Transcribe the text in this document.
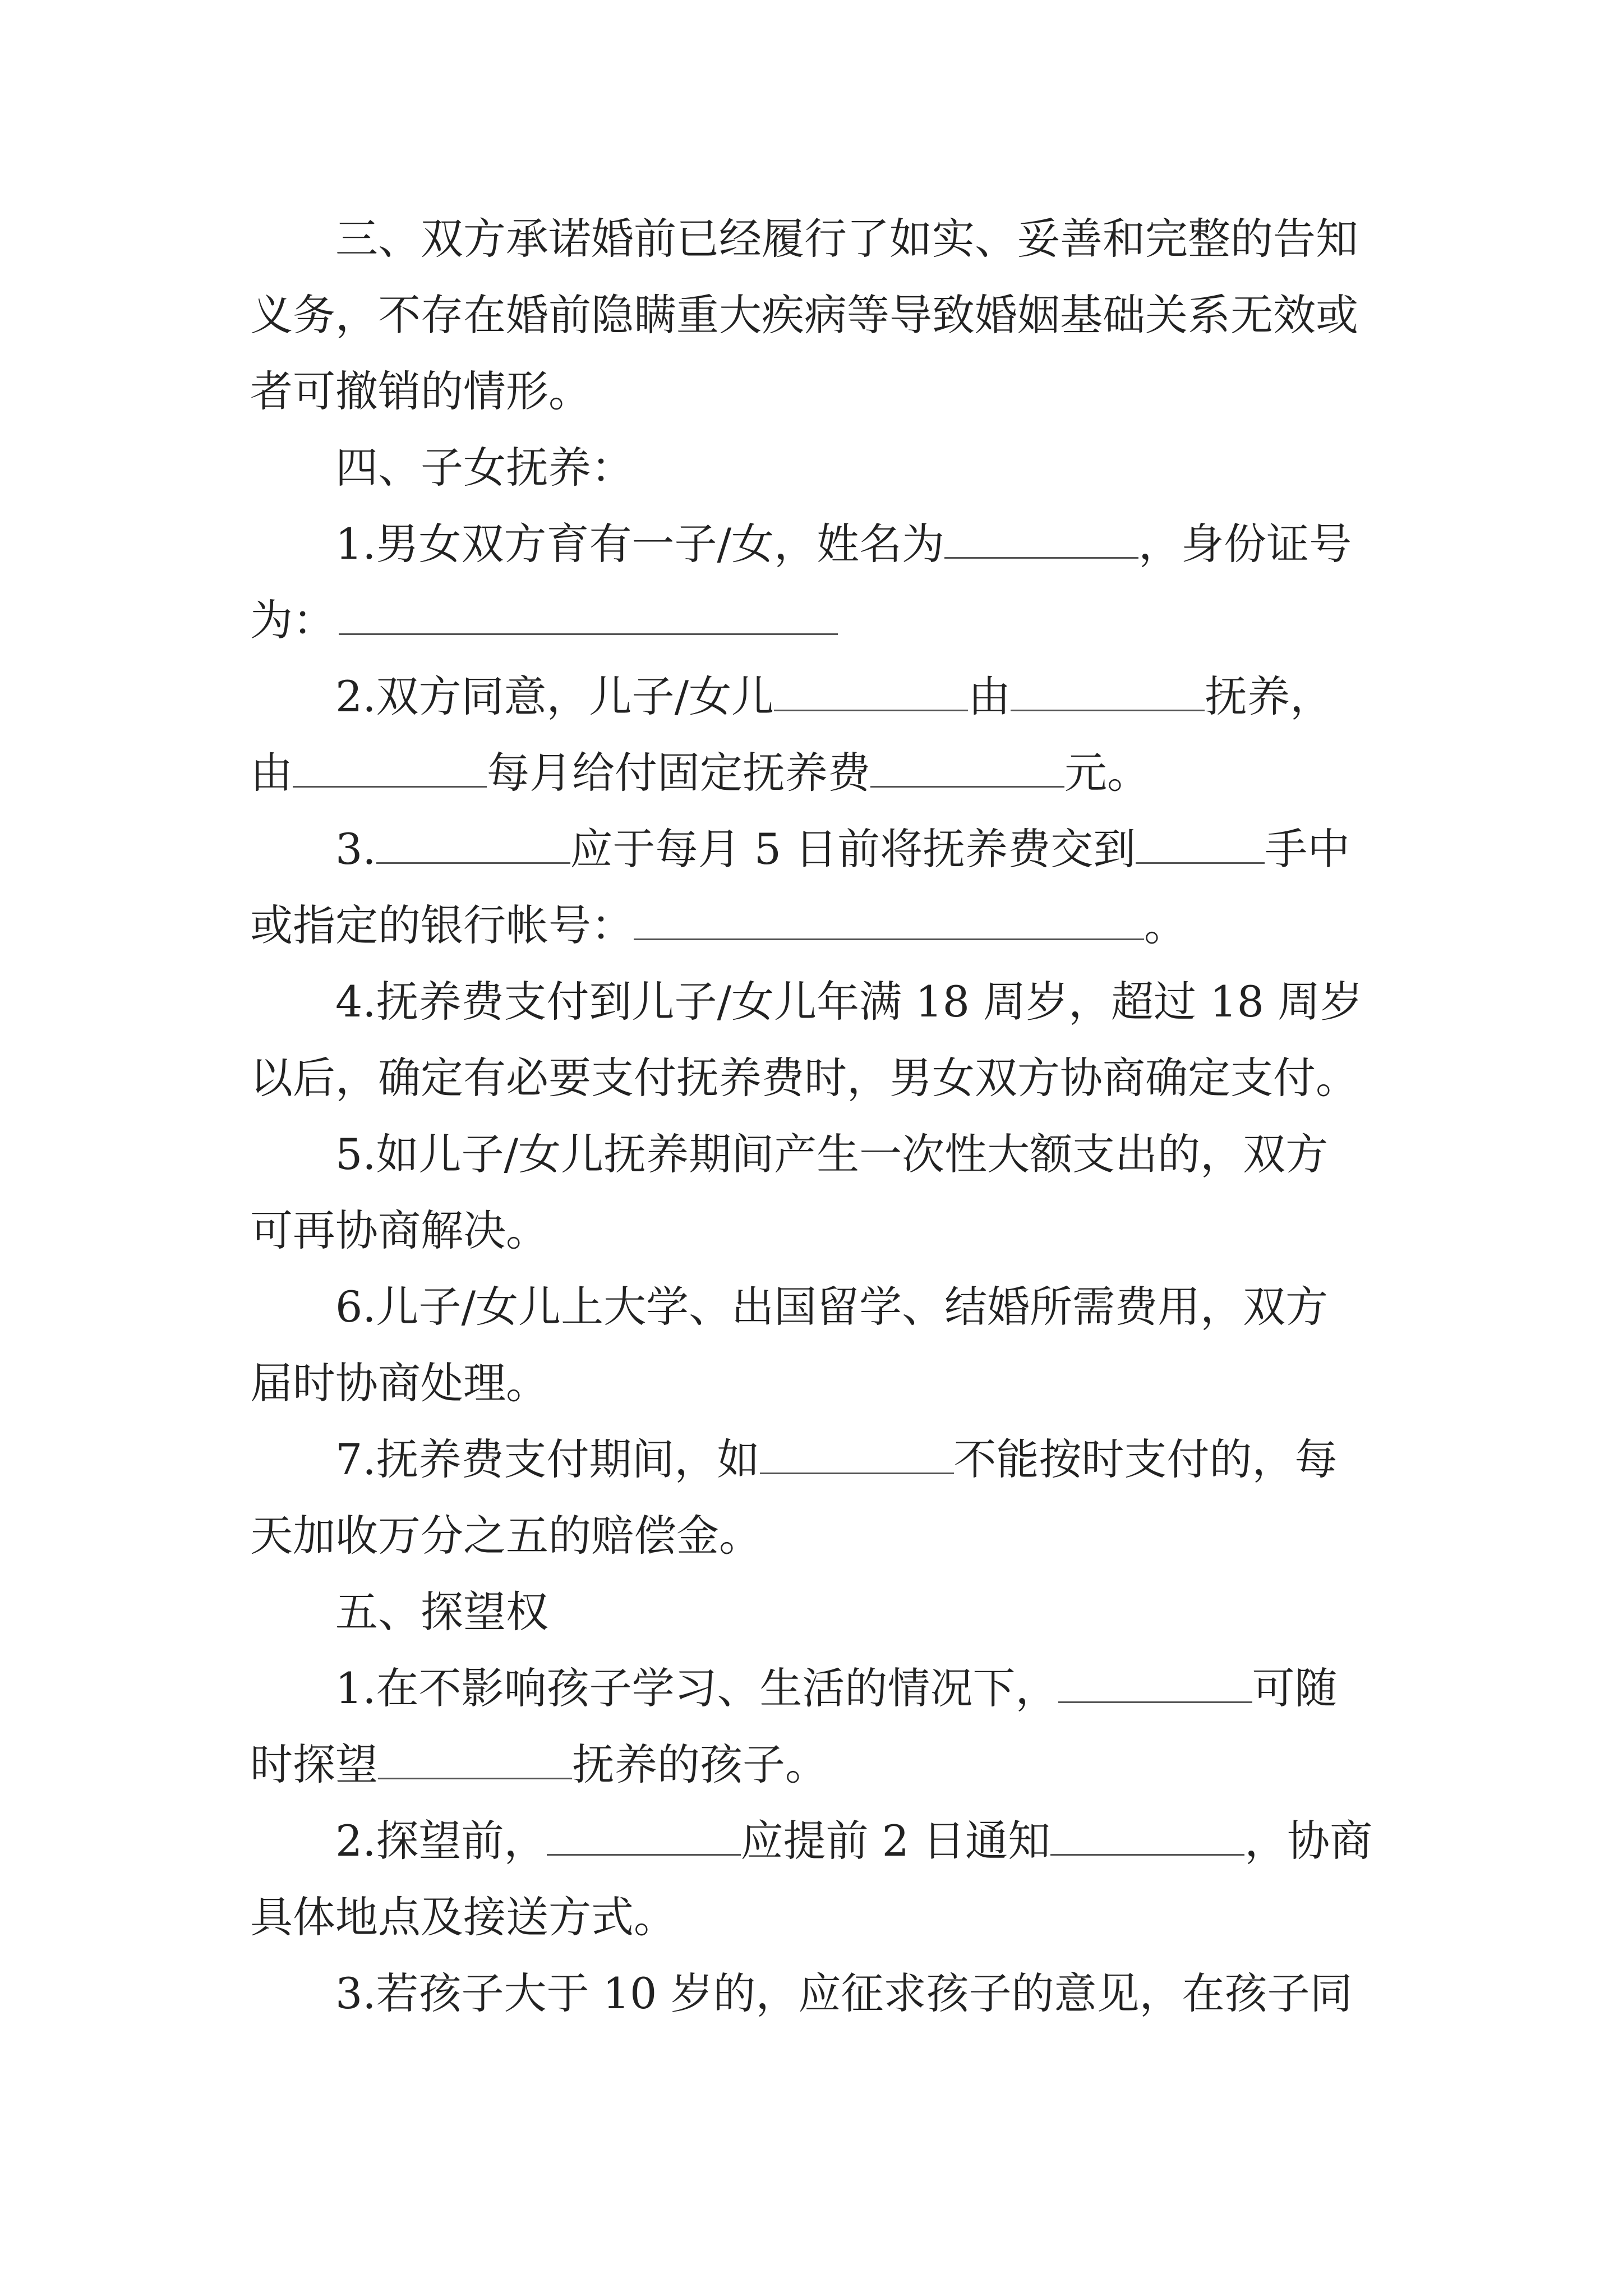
三、双方承诺婚前已经履行了如实、妥善和完整的告知
义务，不存在婚前隐瞒重大疾病等导致婚姻基础关系无效或
者可撤销的情形。
四、子女抚养：
1.男女双方育有一子/女，姓名为	，身份证号
为：
2.双方同意，儿子/女儿	由	抚养，
由	每月给付固定抚养费	元。
3.	应于每月 5 日前将抚养费交到	手中
或指定的银行帐号：	。
4.抚养费支付到儿子/女儿年满 18 周岁，超过 18 周岁
以后，确定有必要支付抚养费时，男女双方协商确定支付。
5.如儿子/女儿抚养期间产生一次性大额支出的，双方
可再协商解决。
6.儿子/女儿上大学、出国留学、结婚所需费用，双方
届时协商处理。
7.抚养费支付期间，如	不能按时支付的，每
天加收万分之五的赔偿金。
五、探望权
1.在不影响孩子学习、生活的情况下，	可随
时探望	抚养的孩子。
2.探望前，	应提前 2 日通知	，协商
具体地点及接送方式。
3.若孩子大于 10 岁的，应征求孩子的意见，在孩子同
